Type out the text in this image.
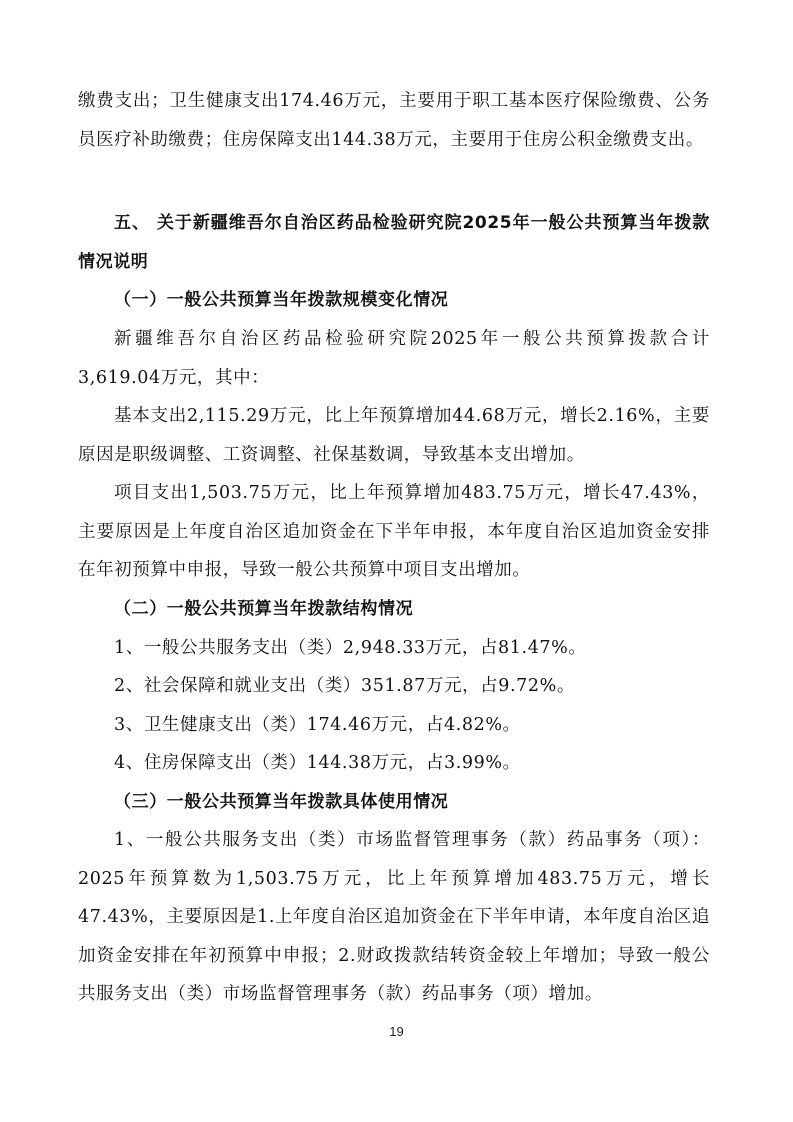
缴费支出；卫生健康支出174.46万元，主要用于职工基本医疗保险缴费、公务员医疗补助缴费；住房保障支出144.38万元，主要用于住房公积金缴费支出。

五、 关于新疆维吾尔自治区药品检验研究院2025年一般公共预算当年拨款情况说明

（一）一般公共预算当年拨款规模变化情况

新疆维吾尔自治区药品检验研究院2025年一般公共预算拨款合计3,619.04万元，其中：

基本支出2,115.29万元，比上年预算增加44.68万元，增长2.16%，主要原因是职级调整、工资调整、社保基数调，导致基本支出增加。

项目支出1,503.75万元，比上年预算增加483.75万元，增长47.43%，主要原因是上年度自治区追加资金在下半年申报，本年度自治区追加资金安排在年初预算中申报，导致一般公共预算中项目支出增加。

（二）一般公共预算当年拨款结构情况

1、一般公共服务支出（类）2,948.33万元，占81.47%。

2、社会保障和就业支出（类）351.87万元，占9.72%。

3、卫生健康支出（类）174.46万元，占4.82%。

4、住房保障支出（类）144.38万元，占3.99%。

（三）一般公共预算当年拨款具体使用情况

1、一般公共服务支出（类）市场监督管理事务（款）药品事务（项）：2025年预算数为1,503.75万元，比上年预算增加483.75万元，增长47.43%，主要原因是1.上年度自治区追加资金在下半年申请，本年度自治区追加资金安排在年初预算中申报；2.财政拨款结转资金较上年增加；导致一般公共服务支出（类）市场监督管理事务（款）药品事务（项）增加。

19
